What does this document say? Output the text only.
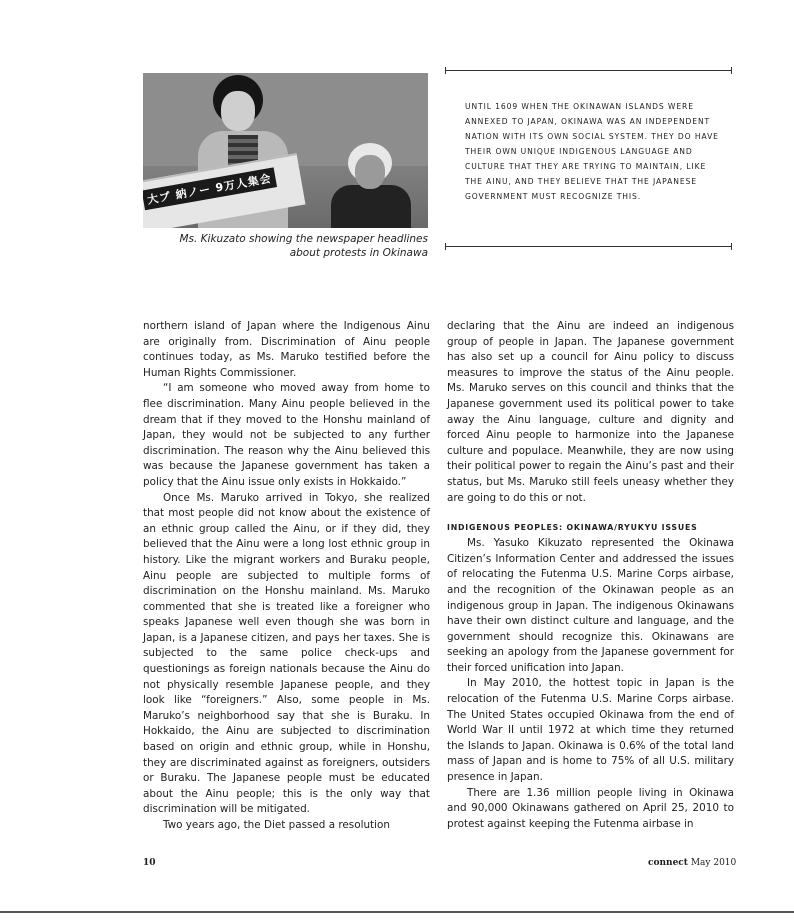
大ブ 納ノー 9万人集会
Ms. Kikuzato showing the newspaper headlines
about protests in Okinawa
UNTIL 1609 WHEN THE OKINAWAN ISLANDS WERE ANNEXED TO JAPAN, OKINAWA WAS AN INDEPENDENT NATION WITH ITS OWN SOCIAL SYSTEM. THEY DO HAVE THEIR OWN UNIQUE INDIGENOUS LANGUAGE AND CULTURE THAT THEY ARE TRYING TO MAINTAIN, LIKE THE AINU, AND THEY BELIEVE THAT THE JAPANESE GOVERNMENT MUST RECOGNIZE THIS.

northern island of Japan where the Indigenous Ainu are originally from. Discrimination of Ainu people continues today, as Ms. Maruko testified before the Human Rights Commissioner.

“I am someone who moved away from home to flee discrimination. Many Ainu people believed in the dream that if they moved to the Honshu mainland of Japan, they would not be subjected to any further discrimination. The reason why the Ainu believed this was because the Japanese government has taken a policy that the Ainu issue only exists in Hokkaido.”

Once Ms. Maruko arrived in Tokyo, she realized that most people did not know about the existence of an ethnic group called the Ainu, or if they did, they believed that the Ainu were a long lost ethnic group in history. Like the migrant workers and Buraku people, Ainu people are subjected to multiple forms of discrimination on the Honshu mainland. Ms. Maruko commented that she is treated like a foreigner who speaks Japanese well even though she was born in Japan, is a Japanese citizen, and pays her taxes. She is subjected to the same police check-ups and questionings as foreign nationals because the Ainu do not physically resemble Japanese people, and they look like “foreigners.” Also, some people in Ms. Maruko’s neighborhood say that she is Buraku. In Hokkaido, the Ainu are subjected to discrimination based on origin and ethnic group, while in Honshu, they are discriminated against as foreigners, outsiders or Buraku. The Japanese people must be educated about the Ainu people; this is the only way that discrimination will be mitigated.

Two years ago, the Diet passed a resolution

declaring that the Ainu are indeed an indigenous group of people in Japan. The Japanese government has also set up a council for Ainu policy to discuss measures to improve the status of the Ainu people. Ms. Maruko serves on this council and thinks that the Japanese government used its political power to take away the Ainu language, culture and dignity and forced Ainu people to harmonize into the Japanese culture and populace. Meanwhile, they are now using their political power to regain the Ainu’s past and their status, but Ms. Maruko still feels uneasy whether they are going to do this or not.

INDIGENOUS PEOPLES: OKINAWA/RYUKYU ISSUES

Ms. Yasuko Kikuzato represented the Okinawa Citizen’s Information Center and addressed the issues of relocating the Futenma U.S. Marine Corps airbase, and the recognition of the Okinawan people as an indigenous group in Japan. The indigenous Okinawans have their own distinct culture and language, and the government should recognize this. Okinawans are seeking an apology from the Japanese government for their forced unification into Japan.

In May 2010, the hottest topic in Japan is the relocation of the Futenma U.S. Marine Corps airbase. The United States occupied Okinawa from the end of World War II until 1972 at which time they returned the Islands to Japan. Okinawa is 0.6% of the total land mass of Japan and is home to 75% of all U.S. military presence in Japan.

There are 1.36 million people living in Okinawa and 90,000 Okinawans gathered on April 25, 2010 to protest against keeping the Futenma airbase in

10	connect May 2010
